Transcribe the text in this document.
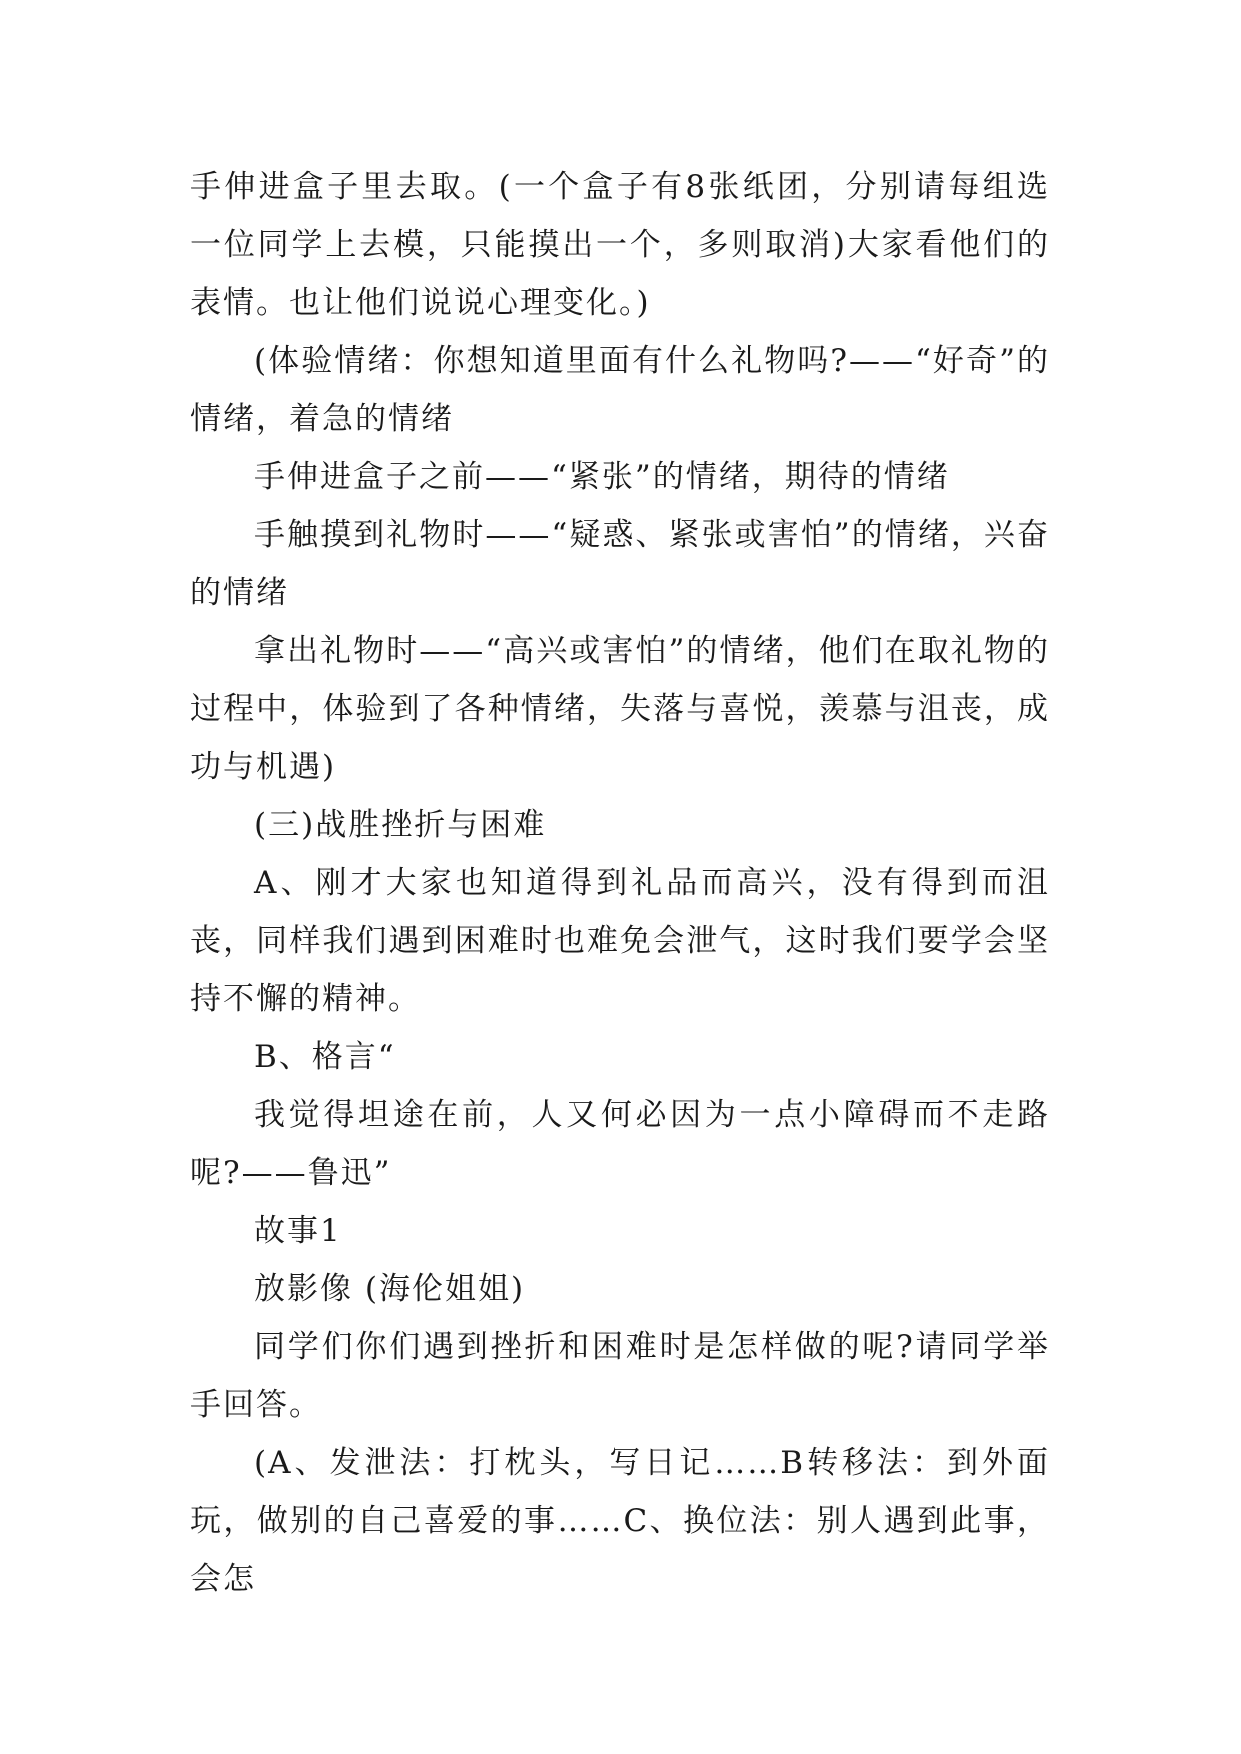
手伸进盒子里去取。(一个盒子有8张纸团，分别请每组选一位同学上去模，只能摸出一个，多则取消)大家看他们的表情。也让他们说说心理变化。)

(体验情绪：你想知道里面有什么礼物吗?——“好奇”的情绪，着急的情绪

手伸进盒子之前——“紧张”的情绪，期待的情绪

手触摸到礼物时——“疑惑、紧张或害怕”的情绪，兴奋的情绪

拿出礼物时——“高兴或害怕”的情绪，他们在取礼物的过程中，体验到了各种情绪，失落与喜悦，羡慕与沮丧，成功与机遇)

(三)战胜挫折与困难

A、刚才大家也知道得到礼品而高兴，没有得到而沮丧，同样我们遇到困难时也难免会泄气，这时我们要学会坚持不懈的精神。

B、格言“

我觉得坦途在前，人又何必因为一点小障碍而不走路呢?——鲁迅”

故事1

放影像 (海伦姐姐)

同学们你们遇到挫折和困难时是怎样做的呢?请同学举手回答。

(A、发泄法：打枕头，写日记……B转移法：到外面玩，做别的自己喜爱的事……C、换位法：别人遇到此事，会怎
